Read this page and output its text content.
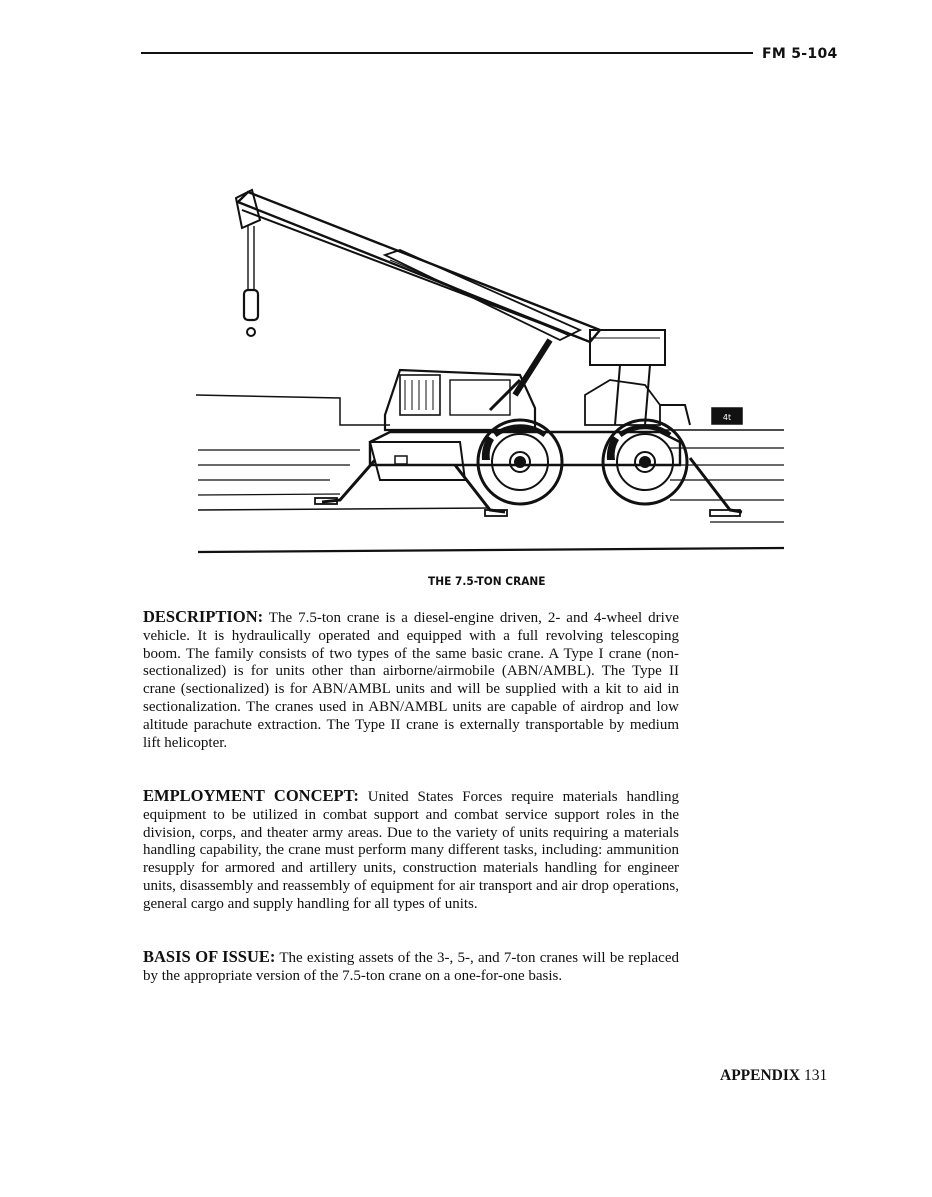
FM 5-104
4t
THE 7.5-TON CRANE
DESCRIPTION: The 7.5-ton crane is a diesel-engine driven, 2- and 4-wheel drive vehicle. It is hydraulically operated and equipped with a full revolving telescoping boom. The family consists of two types of the same basic crane. A Type I crane (non-sectionalized) is for units other than airborne/airmobile (ABN/AMBL). The Type II crane (sectionalized) is for ABN/AMBL units and will be supplied with a kit to aid in sectionalization. The cranes used in ABN/AMBL units are capable of airdrop and low altitude parachute extraction. The Type II crane is externally transportable by medium lift helicopter.
EMPLOYMENT CONCEPT: United States Forces require materials handling equipment to be utilized in combat support and combat service support roles in the division, corps, and theater army areas. Due to the variety of units requiring a materials handling capability, the crane must perform many different tasks, including: ammunition resupply for armored and artillery units, construction materials handling for engineer units, disassembly and reassembly of equipment for air transport and air drop operations, general cargo and supply handling for all types of units.
BASIS OF ISSUE: The existing assets of the 3-, 5-, and 7-ton cranes will be replaced by the appropriate version of the 7.5-ton crane on a one-for-one basis.
APPENDIX 131
